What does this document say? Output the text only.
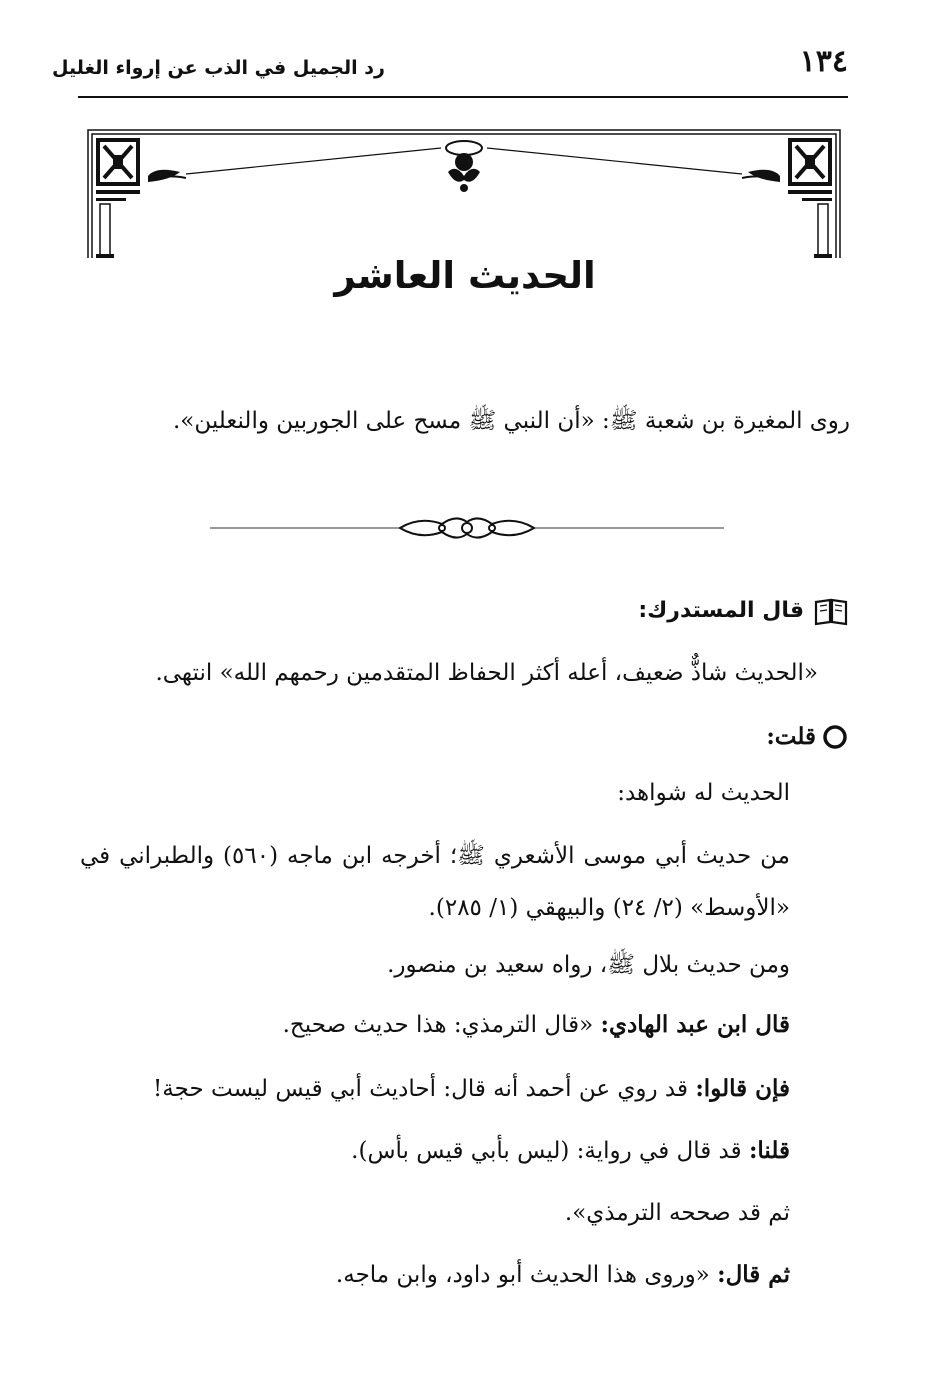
١٣٤
رد الجميل في الذب عن إرواء الغليل
الحديث العاشر
روى المغيرة بن شعبة ﷺ: «أن النبي ﷺ مسح على الجوربين والنعلين».
قال المستدرك:
«الحديث شاذٌّ ضعيف، أعله أكثر الحفاظ المتقدمين رحمهم الله» انتهى.
قلت:
الحديث له شواهد:
من حديث أبي موسى الأشعري ﷺ؛ أخرجه ابن ماجه (٥٦٠) والطبراني في «الأوسط» (٢/ ٢٤) والبيهقي (١/ ٢٨٥).
ومن حديث بلال ﷺ، رواه سعيد بن منصور.
قال ابن عبد الهادي: «قال الترمذي: هذا حديث صحيح.
فإن قالوا: قد روي عن أحمد أنه قال: أحاديث أبي قيس ليست حجة!
قلنا: قد قال في رواية: (ليس بأبي قيس بأس).
ثم قد صححه الترمذي».
ثم قال: «وروى هذا الحديث أبو داود، وابن ماجه.
